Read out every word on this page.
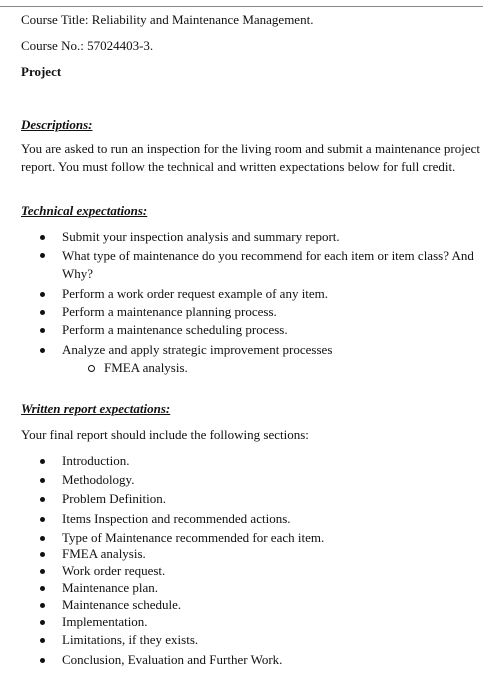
Course Title: Reliability and Maintenance Management.
Course No.: 57024403-3.
Project
Descriptions:
You are asked to run an inspection for the living room and submit a maintenance project report. You must follow the technical and written expectations below for full credit.
Technical expectations:
Submit your inspection analysis and summary report.
What type of maintenance do you recommend for each item or item class? And Why?
Perform a work order request example of any item.
Perform a maintenance planning process.
Perform a maintenance scheduling process.
Analyze and apply strategic improvement processes
FMEA analysis.
Written report expectations:
Your final report should include the following sections:
Introduction.
Methodology.
Problem Definition.
Items Inspection and recommended actions.
Type of Maintenance recommended for each item.
FMEA analysis.
Work order request.
Maintenance plan.
Maintenance schedule.
Implementation.
Limitations, if they exists.
Conclusion, Evaluation and Further Work.
